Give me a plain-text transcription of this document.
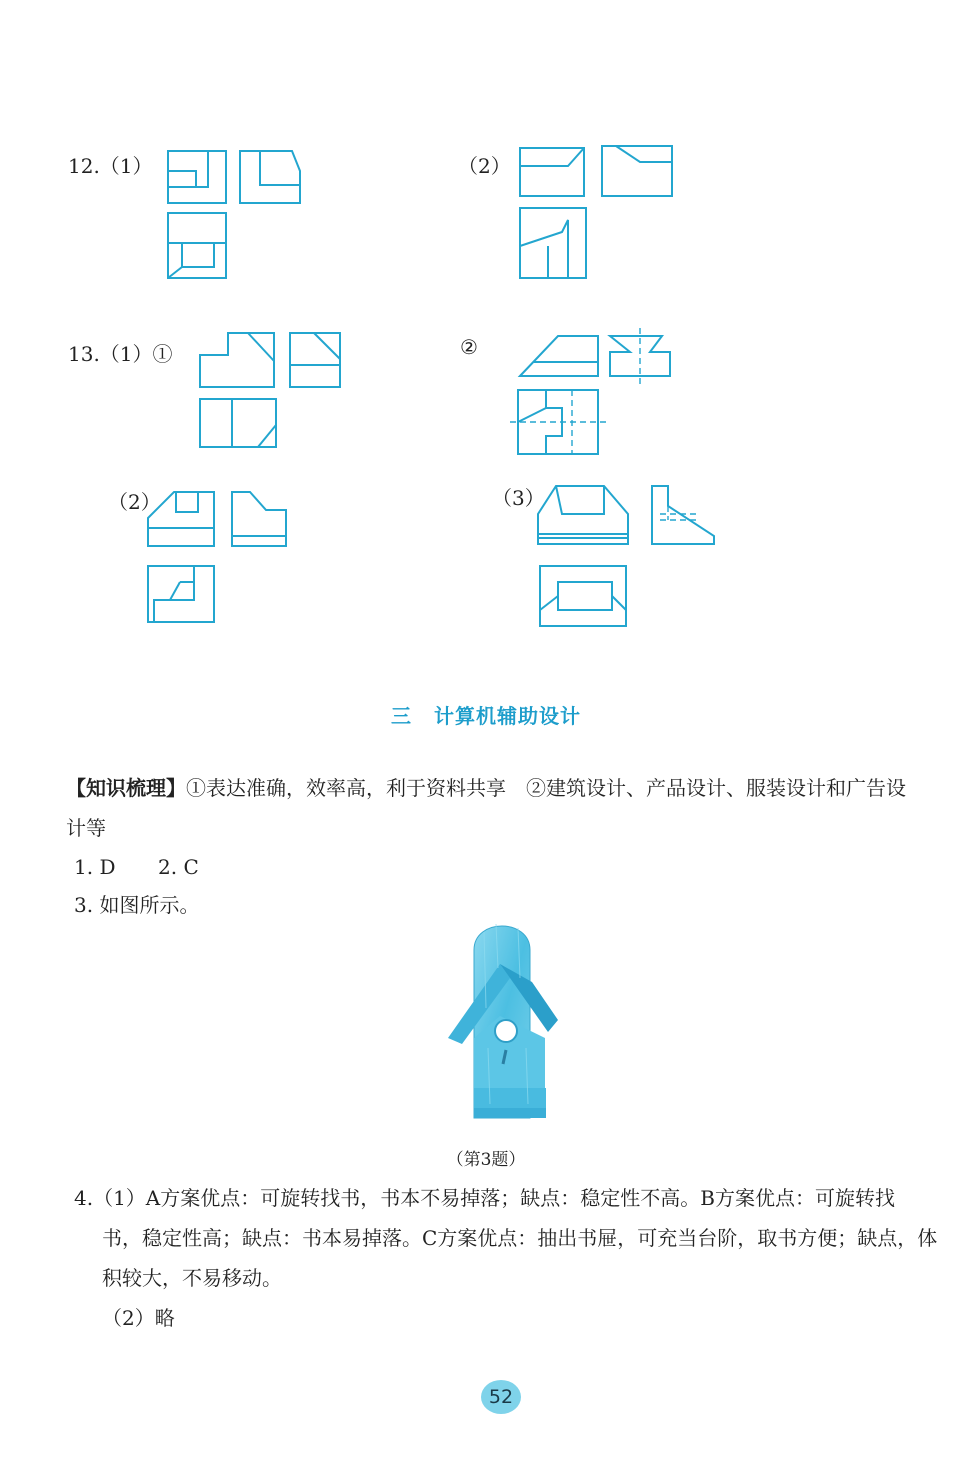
12.（1）	（2）
13.（1）①	②
（2）	（3）
三 计算机辅助设计
【知识梳理】①表达准确，效率高，利于资料共享　②建筑设计、产品设计、服装设计和广告设
计等
1. D 2. C
3. 如图所示。
（第3题）
4.（1）A方案优点：可旋转找书，书本不易掉落；缺点：稳定性不高。B方案优点：可旋转找
书，稳定性高；缺点：书本易掉落。C方案优点：抽出书屉，可充当台阶，取书方便；缺点，体
积较大，不易移动。
（2）略
52
